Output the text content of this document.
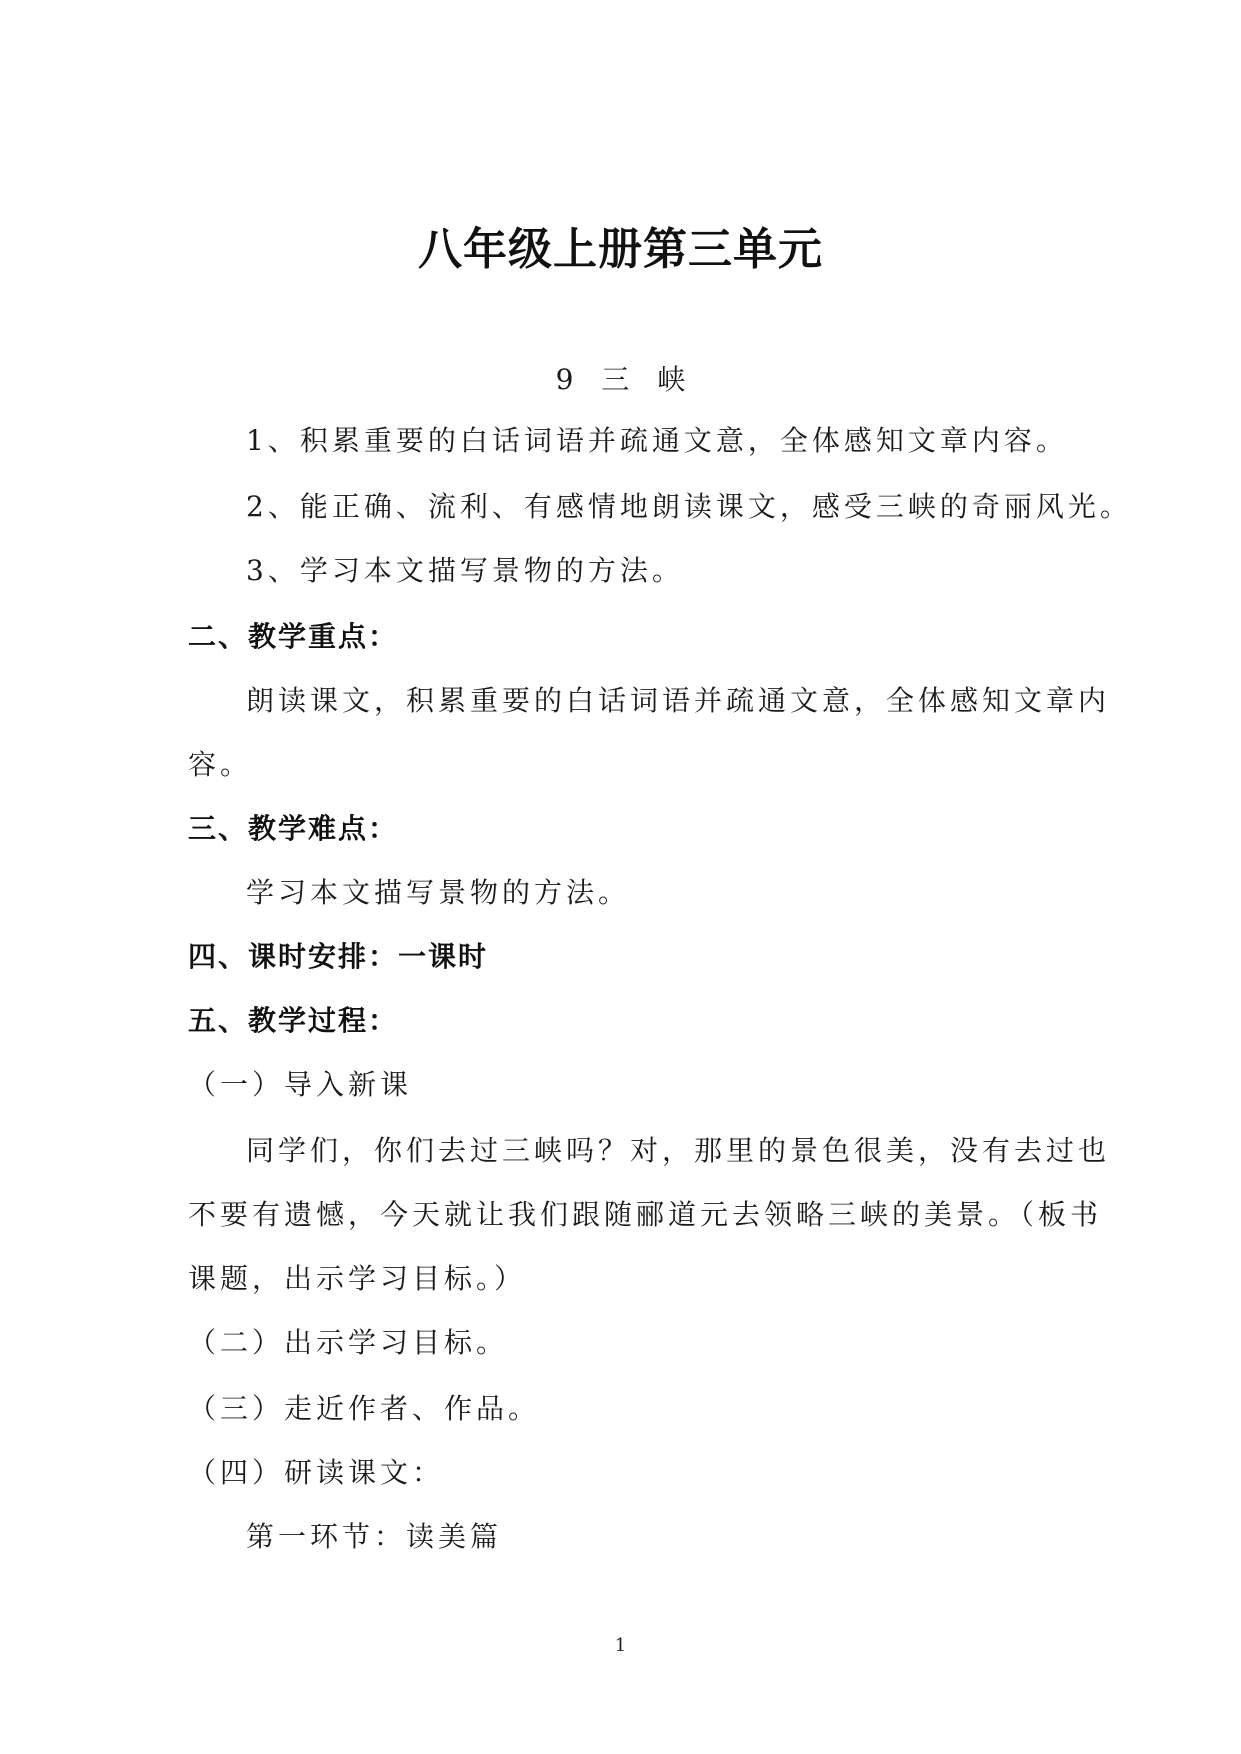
八年级上册第三单元
9　三　峡
1、积累重要的白话词语并疏通文意，全体感知文章内容。
2、能正确、流利、有感情地朗读课文，感受三峡的奇丽风光。
3、学习本文描写景物的方法。
二、教学重点：
朗读课文，积累重要的白话词语并疏通文意，全体感知文章内
容。
三、教学难点：
学习本文描写景物的方法。
四、课时安排：一课时
五、教学过程：
（一）导入新课
同学们，你们去过三峡吗？对，那里的景色很美，没有去过也
不要有遗憾，今天就让我们跟随郦道元去领略三峡的美景。（板书
课题，出示学习目标。）
（二）出示学习目标。
（三）走近作者、作品。
（四）研读课文：
第一环节：读美篇
1
